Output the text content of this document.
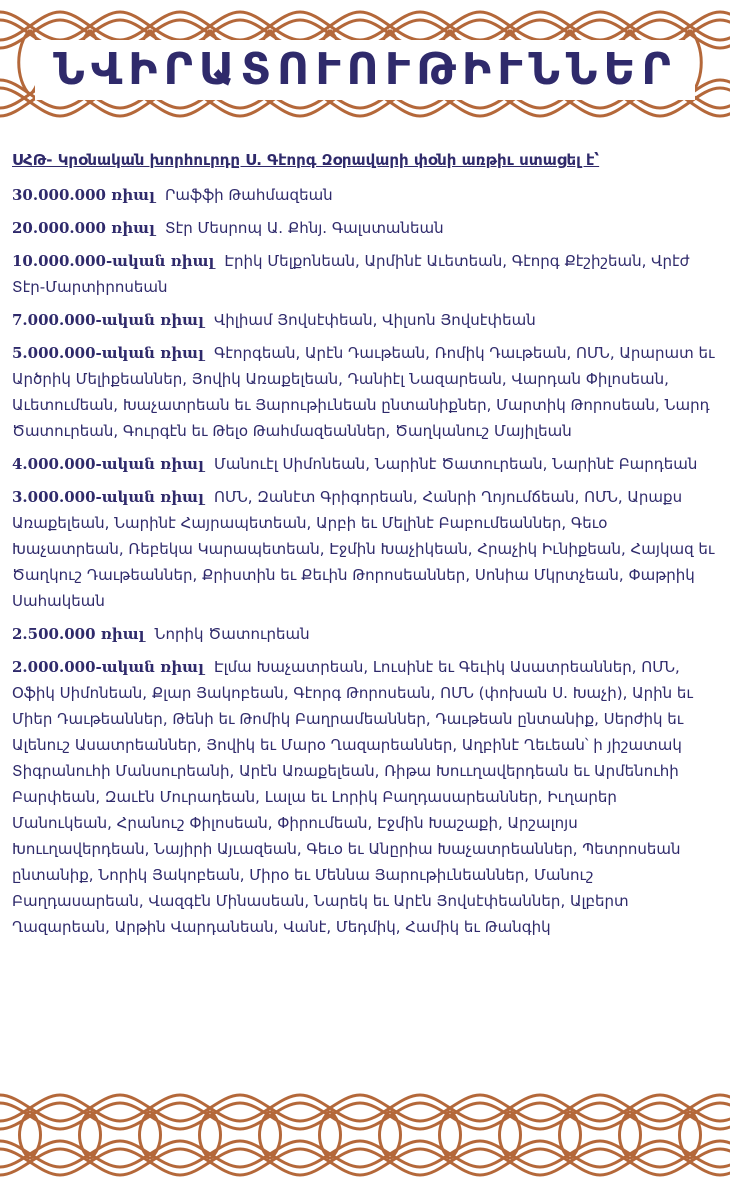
ՆՎԻՐԱՏՈՒՈՒԹԻՒՆՆԵՐ
ՍՀԹ- Կրօնական խորհուրդը Ս. Գէորգ Զօրավարի փօնի առթիւ ստացել է՝

30.000.000 ռիալ Րաֆֆի Թահմազեան

20.000.000 ռիալ Տէր Մեսրոպ Ա. Քհնյ. Գալստանեան

10.000.000-ական ռիալ Էրիկ Մելքոնեան, Արմինէ Աւետեան, Գէորգ Քէշիշեան, Վրէժ Տէր-Մարտիրոսեան

7.000.000-ական ռիալ Վիլիամ Յովսէփեան, Վիլսոն Յովսէփեան

5.000.000-ական ռիալ Գէորգեան, Արէն Դաւթեան, Ռոմիկ Դաւթեան, ՈՄՆ, Արարատ եւ Արծրիկ Մելիքեաններ, Յովիկ Առաքելեան, Դանիէլ Նազարեան, Վարդան Փիլոսեան, Աւետումեան, Խաչատրեան եւ Յարութիւնեան ընտանիքներ, Մարտիկ Թորոսեան, Նարդ Ծատուրեան, Գուրգէն եւ Թելօ Թահմազեաններ, Ծաղկանուշ Մայիլեան

4.000.000-ական ռիալ Մանուէլ Սիմոնեան, Նարինէ Ծատուրեան, Նարինէ Բարդեան

3.000.000-ական ռիալ ՈՄՆ, Զանէտ Գրիգորեան, Հանրի Ղոյումճեան, ՈՄՆ, Արաքս Առաքելեան, Նարինէ Հայրապետեան, Արբի եւ Մելինէ Բաբումեաններ, Գեւօ Խաչատրեան, Ռեբեկա Կարապետեան, Էջմին Խաչիկեան, Հրաչիկ Իւնիքեան, Հայկազ եւ Ծաղկուշ Դաւթեաններ, Քրիստին եւ Քեւին Թորոսեաններ, Սոնիա Մկրտչեան, Փաթրիկ Սահակեան

2.500.000 ռիալ Նորիկ Ծատուրեան

2.000.000-ական ռիալ Էլմա Խաչատրեան, Լուսինէ եւ Գեւիկ Ասատրեաններ, ՈՄՆ, Օֆիկ Սիմոնեան, Քլար Յակոբեան, Գէորգ Թորոսեան, ՈՄՆ (փոխան Ս. Խաչի), Արին եւ Միեր Դաւթեաններ, Թենի եւ Թոմիկ Բաղրամեաններ, Դաւթեան ընտանիք, Սերժիկ եւ Ալենուշ Ասատրեաններ, Յովիկ եւ Մարօ Ղազարեաններ, Աղբինէ Ղեւեան՝ ի յիշատակ Տիգրանուհի Մանսուրեանի, Արէն Առաքելեան, Ռիթա Խոււղավերդեան եւ Արմենուհի Բարփեան, Զաւէն Մուրադեան, Լալա եւ Լորիկ Բաղդասարեաններ, Իւղարեր Մանուկեան, Հրանուշ Փիլոսեան, Փիրումեան, Էջմին Խաշաքի, Արշալոյս Խոււղավերդեան, Նայիրի Այւազեան, Գեւօ եւ Անըրիա Խաչատրեաններ, Պետրոսեան ընտանիք, Նորիկ Յակոբեան, Միրօ եւ Մեննա Յարութիւնեաններ, Մանուշ Բաղդասարեան, Վազգէն Մինասեան, Նարեկ եւ Արէն Յովսէփեաններ, Ալբերտ Ղազարեան, Արթին Վարդանեան, Վանէ, Մեդմիկ, Համիկ եւ Թանգիկ
